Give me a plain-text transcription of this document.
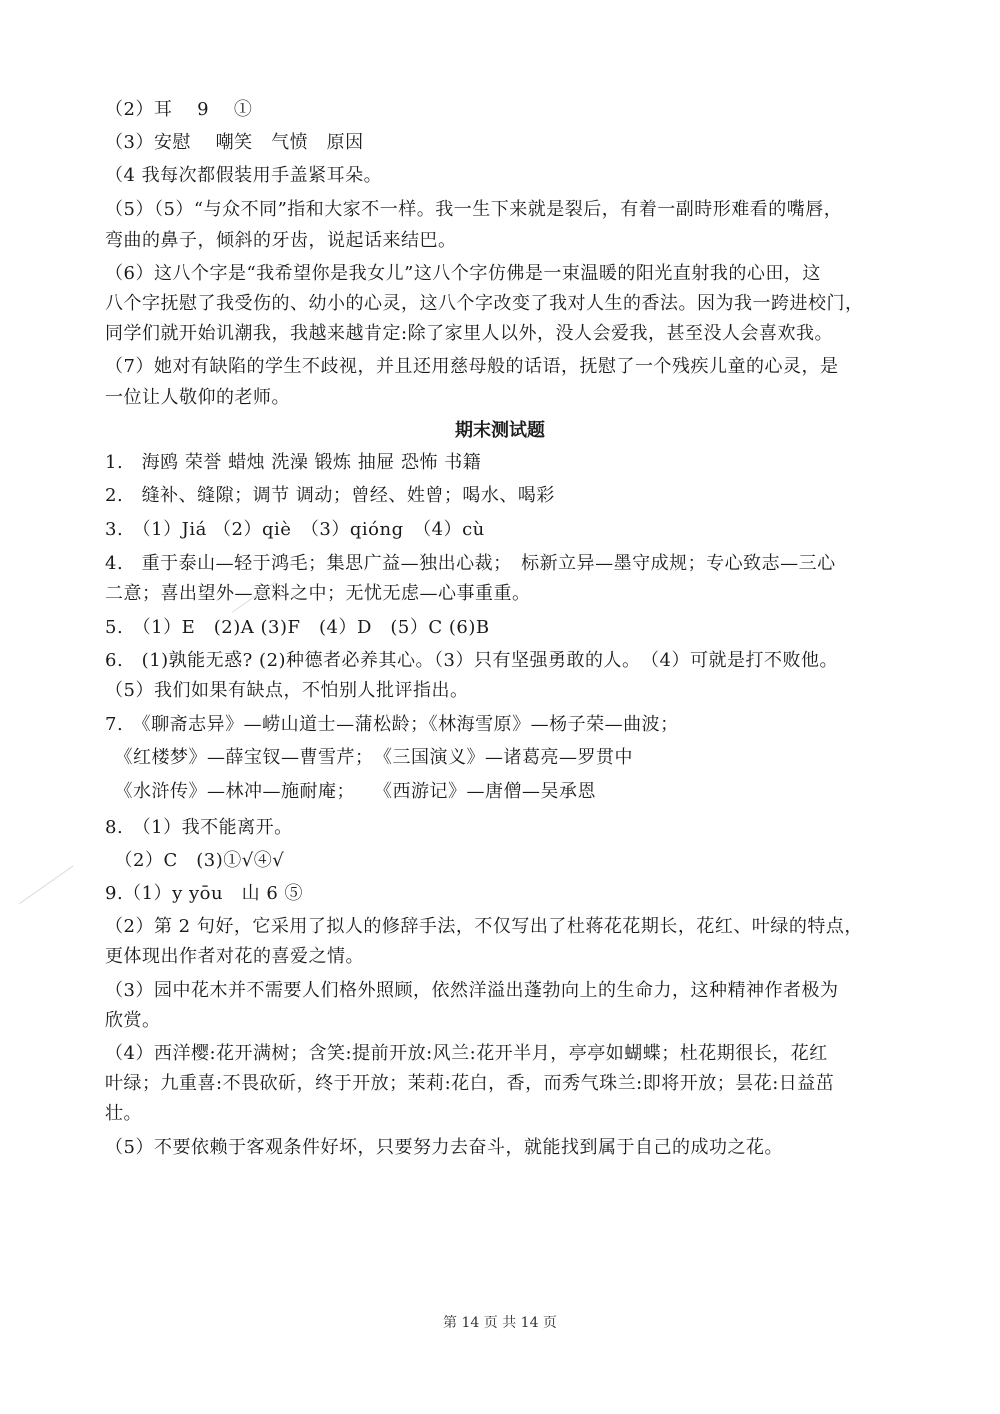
（2）耳　 9　 ①
（3）安慰　 嘲笑　气愤　原因
（4 我每次都假装用手盖紧耳朵。
（5）（5）“与众不同”指和大家不一样。我一生下来就是裂后，有着一副時形难看的嘴唇，
弯曲的鼻子，倾斜的牙齿，说起话来结巴。
（6）这八个字是“我希望你是我女儿”这八个字仿佛是一束温暖的阳光直射我的心田，这
八个字抚慰了我受伤的、幼小的心灵，这八个字改变了我对人生的香法。因为我一跨进校门，
同学们就开始讥潮我，我越来越肯定:除了家里人以外，没人会爱我，甚至没人会喜欢我。
（7）她对有缺陷的学生不歧视，并且还用慈母般的话语，抚慰了一个残疾儿童的心灵，是
一位让人敬仰的老师。
期末测试题
1.　海鸥 荣誉 蜡烛 洗澡 锻炼 抽屉 恐怖 书籍
2.　缝补、缝隙；调节 调动；曾经、姓曾；喝水、喝彩
3.　（1）Jiá （2）qiè　（3）qióng　（4）cù
4.　重于泰山—轻于鸿毛；集思广益—独出心裁；　标新立异—墨守成规；专心致志—三心
二意；喜出望外—意料之中；无忧无虑—心事重重。
5.　（1）E　(2)A (3)F　(4）D　(5）C (6)B
6.　(1)孰能无惑? (2)种德者必养其心。（3）只有坚强勇敢的人。　（4）可就是打不败他。
（5）我们如果有缺点，不怕别人批评指出。
7.　《聊斋志异》—崂山道士—蒲松龄；《林海雪原》—杨子荣—曲波；
　《红楼梦》—薛宝钗—曹雪芹；　《三国演义》—诸葛亮—罗贯中
　《水浒传》—林冲—施耐庵；　　《西游记》—唐僧—吴承恩
8.　（1）我不能离开。
　（2）C　(3)①√④√
9.（1）y yōu　山 6 ⑤
（2）第 2 句好，它采用了拟人的修辞手法，不仅写出了杜蒋花花期长，花红、叶绿的特点，
更体现出作者对花的喜爱之情。
（3）园中花木并不需要人们格外照顾，依然洋溢出蓬勃向上的生命力，这种精神作者极为
欣赏。
（4）西洋樱:花开满树；含笑:提前开放:风兰:花开半月，亭亭如蝴蝶；杜花期很长，花红
叶绿；九重喜:不畏砍斫，终于开放；茉莉:花白，香，而秀气珠兰:即将开放；昙花:日益茁
壮。
（5）不要依赖于客观条件好坏，只要努力去奋斗，就能找到属于自己的成功之花。
第 14 页 共 14 页
